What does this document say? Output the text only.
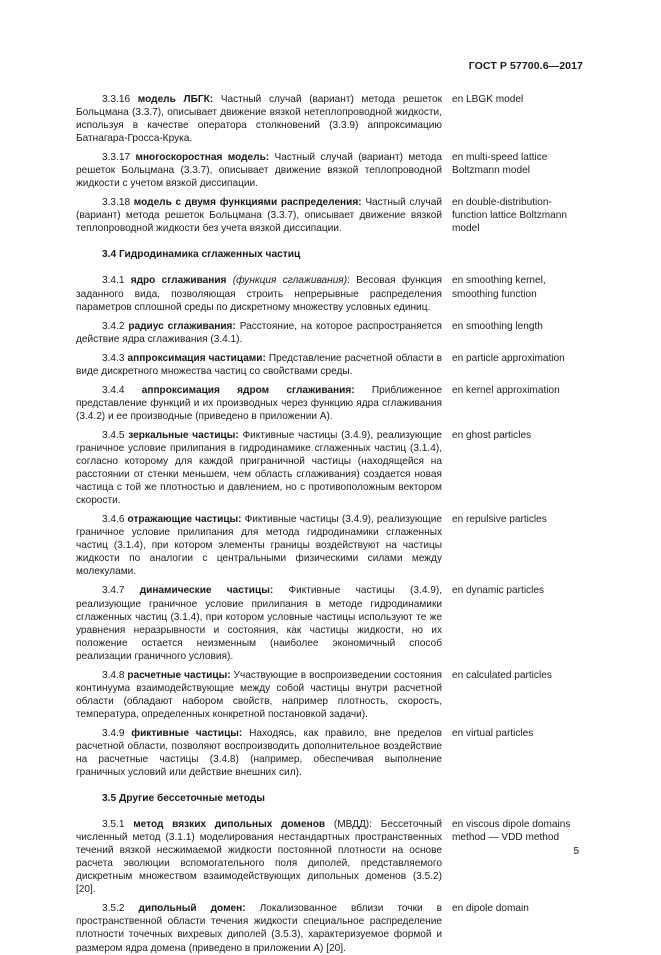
ГОСТ Р 57700.6—2017
3.3.16 модель ЛБГК: Частный случай (вариант) метода решеток Больцмана (3.3.7), описывает движение вязкой нетеплопроводной жидкости, используя в качестве оператора столкновений (3.3.9) аппроксимацию Батнагара-Гросса-Крука.
en LBGK model
3.3.17 многоскоростная модель: Частный случай (вариант) метода решеток Больцмана (3.3.7), описывает движение вязкой теплопроводной жидкости с учетом вязкой диссипации.
en multi-speed lattice Boltzmann model
3.3.18 модель с двумя функциями распределения: Частный случай (вариант) метода решеток Больцмана (3.3.7), описывает движение вязкой теплопроводной жидкости без учета вязкой диссипации.
en double-distribution-function lattice Boltzmann model
3.4 Гидродинамика сглаженных частиц
3.4.1 ядро сглаживания (функция сглаживания): Весовая функция заданного вида, позволяющая строить непрерывные распределения параметров сплошной среды по дискретному множеству условных единиц.
en smoothing kernel, smoothing function
3.4.2 радиус сглаживания: Расстояние, на которое распространяется действие ядра сглаживания (3.4.1).
en smoothing length
3.4.3 аппроксимация частицами: Представление расчетной области в виде дискретного множества частиц со свойствами среды.
en particle approximation
3.4.4 аппроксимация ядром сглаживания: Приближенное представление функций и их производных через функцию ядра сглаживания (3.4.2) и ее производные (приведено в приложении А).
en kernel approximation
3.4.5 зеркальные частицы: Фиктивные частицы (3.4.9), реализующие граничное условие прилипания в гидродинамике сглаженных частиц (3.1.4), согласно которому для каждой приграничной частицы (находящейся на расстоянии от стенки меньшем, чем область сглаживания) создается новая частица с той же плотностью и давлением, но с противоположным вектором скорости.
en ghost particles
3.4.6 отражающие частицы: Фиктивные частицы (3.4.9), реализующие граничное условие прилипания для метода гидродинамики сглаженных частиц (3.1.4), при котором элементы границы воздействуют на частицы жидкости по аналогии с центральными физическими силами между молекулами.
en repulsive particles
3.4.7 динамические частицы: Фиктивные частицы (3.4.9), реализующие граничное условие прилипания в методе гидродинамики сглаженных частиц (3.1.4), при котором условные частицы используют те же уравнения неразрывности и состояния, как частицы жидкости, но их положение остается неизменным (наиболее экономичный способ реализации граничного условия).
en dynamic particles
3.4.8 расчетные частицы: Участвующие в воспроизведении состояния континуума взаимодействующие между собой частицы внутри расчетной области (обладают набором свойств, например плотность, скорость, температура, определенных конкретной постановкой задачи).
en calculated particles
3.4.9 фиктивные частицы: Находясь, как правило, вне пределов расчетной области, позволяют воспроизводить дополнительное воздействие на расчетные частицы (3.4.8) (например, обеспечивая выполнение граничных условий или действие внешних сил).
en virtual particles
3.5 Другие бессеточные методы
3.5.1 метод вязких дипольных доменов (МВДД): Бессеточный численный метод (3.1.1) моделирования нестандартных пространственных течений вязкой несжимаемой жидкости постоянной плотности на основе расчета эволюции вспомогательного поля диполей, представляемого дискретным множеством взаимодействующих дипольных доменов (3.5.2) [20].
en viscous dipole domains method — VDD method
3.5.2 дипольный домен: Локализованное вблизи точки в пространственной области течения жидкости специальное распределение плотности точечных вихревых диполей (3.5.3), характеризуемое формой и размером ядра домена (приведено в приложении А) [20].
en dipole domain
5
